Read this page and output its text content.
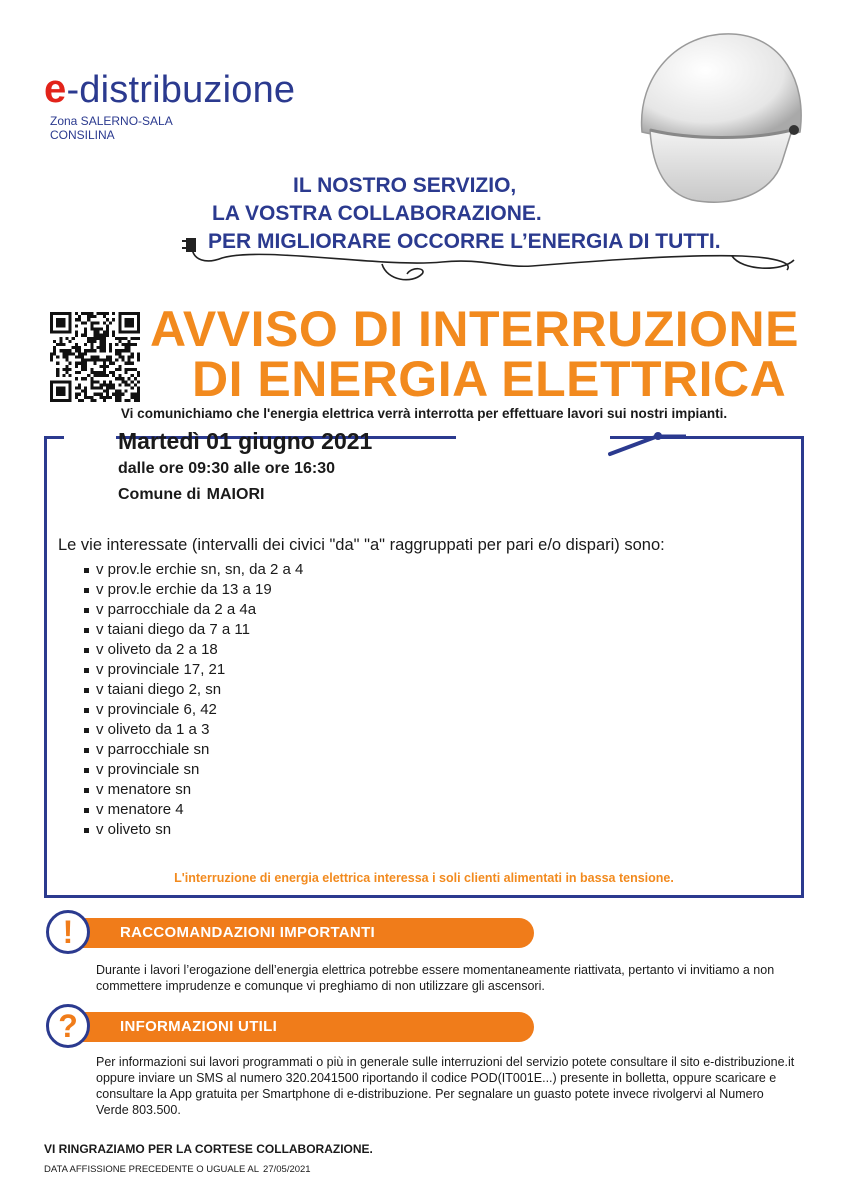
e-distribuzione
Zona SALERNO-SALA CONSILINA
IL NOSTRO SERVIZIO,
LA VOSTRA COLLABORAZIONE.
PER MIGLIORARE OCCORRE L’ENERGIA DI TUTTI.
AVVISO DI INTERRUZIONE
DI ENERGIA ELETTRICA
Vi comunichiamo che l'energia elettrica verrà interrotta per effettuare lavori sui nostri impianti.
Martedì 01 giugno 2021
dalle ore 09:30 alle ore 16:30
Comune di MAIORI
Le vie interessate (intervalli dei civici "da" "a" raggruppati per pari e/o dispari) sono:
v prov.le erchie sn, sn, da 2 a 4
v prov.le erchie da 13 a 19
v parrocchiale da 2 a 4a
v taiani diego da 7 a 11
v oliveto da 2 a 18
v provinciale 17, 21
v taiani diego 2, sn
v provinciale 6, 42
v oliveto da 1 a 3
v parrocchiale sn
v provinciale sn
v menatore sn
v menatore 4
v oliveto sn
L'interruzione di energia elettrica interessa i soli clienti alimentati in bassa tensione.
!	RACCOMANDAZIONI IMPORTANTI
Durante i lavori l’erogazione dell’energia elettrica potrebbe essere momentaneamente riattivata, pertanto vi invitiamo a non commettere imprudenze e comunque vi preghiamo di non utilizzare gli ascensori.
?	INFORMAZIONI UTILI
Per informazioni sui lavori programmati o più in generale sulle interruzioni del servizio potete consultare il sito e-distribuzione.it oppure inviare un SMS al numero 320.2041500 riportando il codice POD(IT001E...) presente in bolletta, oppure scaricare e consultare la App gratuita per Smartphone di e-distribuzione. Per segnalare un guasto potete invece rivolgervi al Numero Verde 803.500.
VI RINGRAZIAMO PER LA CORTESE COLLABORAZIONE.
DATA AFFISSIONE PRECEDENTE O UGUALE AL 27/05/2021
